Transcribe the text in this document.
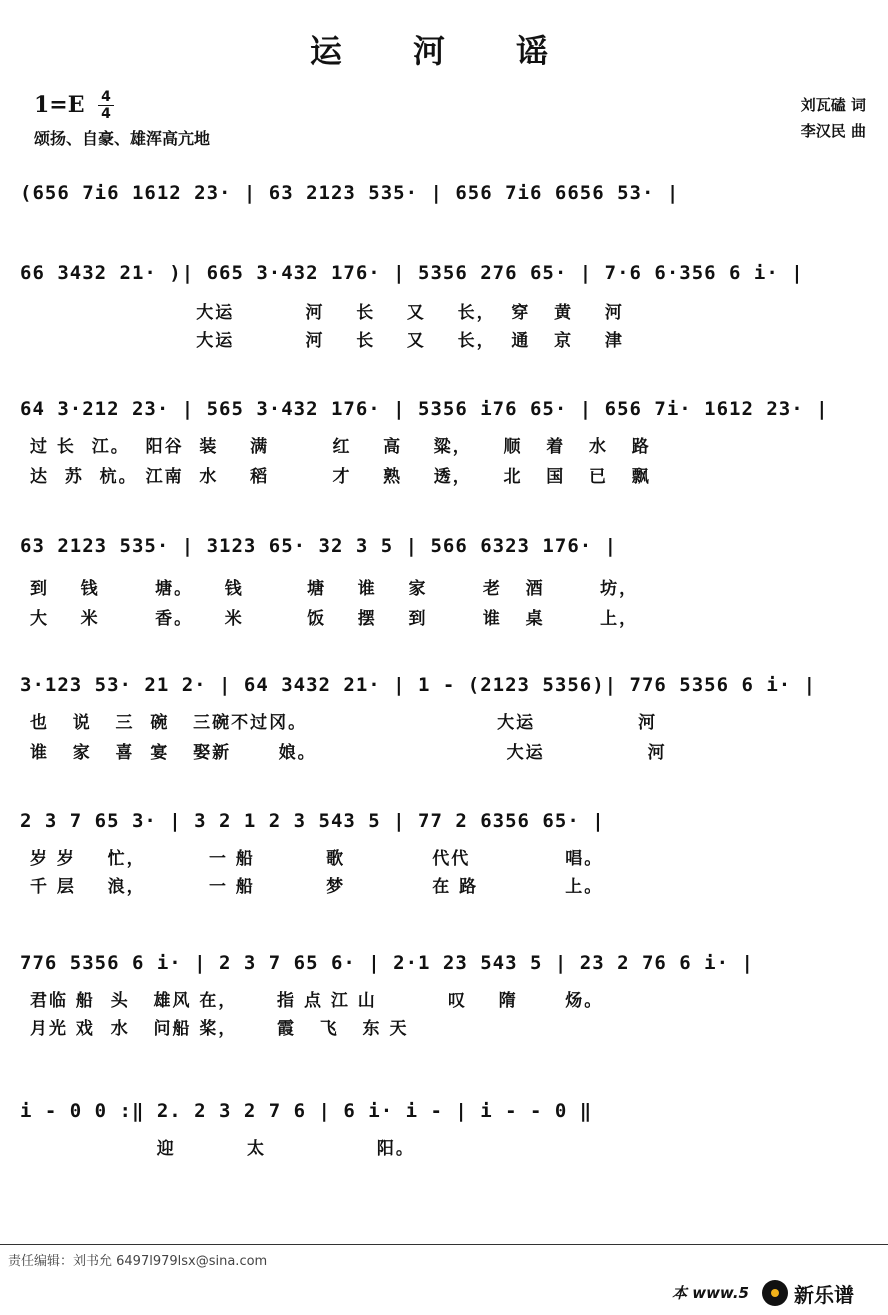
运 河 谣
1=E 4
4
颂扬、自豪、雄浑高亢地
刘瓦磕 词
李汉民 曲
(656 7i6 1612 23· | 63 2123 535· | 656 7i6 6656 53· |
66 3432 21· )| 665 3·432 176· | 5356 276 65· | 7·6 6·356 6 i· |
大运         河    长    又    长，  穿   黄    河
大运         河    长    又    长，  通   京    津
64 3·212 23· | 565 3·432 176· | 5356 i76 65· | 656 7i· 1612 23· |
过 长  江。  阳谷  装    满        红    高    粱，    顺   着   水   路
达  苏  杭。 江南  水    稻        才    熟    透，    北   国   已   飘
63 2123 535· | 3123 65· 32 3 5 | 566 6323 176· |
到    钱       塘。    钱        塘    谁    家       老   酒       坊，
大    米       香。    米        饭    摆    到       谁   桌       上，
3·123 53· 21 2· | 64 3432 21· | 1 - (2123 5356)| 776 5356 6 i· |
也   说   三  碗   三碗不过冈。                        大运             河
谁   家   喜  宴   娶新      娘。                        大运             河
2 3 7 65 3· | 3 2 1 2 3 543 5 | 77 2 6356 65· |
岁 岁    忙，        一 船         歌           代代            唱。
千 层    浪，        一 船         梦           在 路           上。
776 5356 6 i· | 2 3 7 65 6· | 2·1 23 543 5 | 23 2 76 6 i· |
君临 船  头   雄风 在，     指 点 江 山         叹    隋      炀。
月光 戏  水   问船 桨，     霞   飞   东 天
i - 0 0 :‖ 2. 2 3 2 7 6 | 6 i· i - | i - - 0 ‖
迎         太              阳。
责任编辑：刘书允 6497l979lsx@sina.com
本 www.5 新乐谱
